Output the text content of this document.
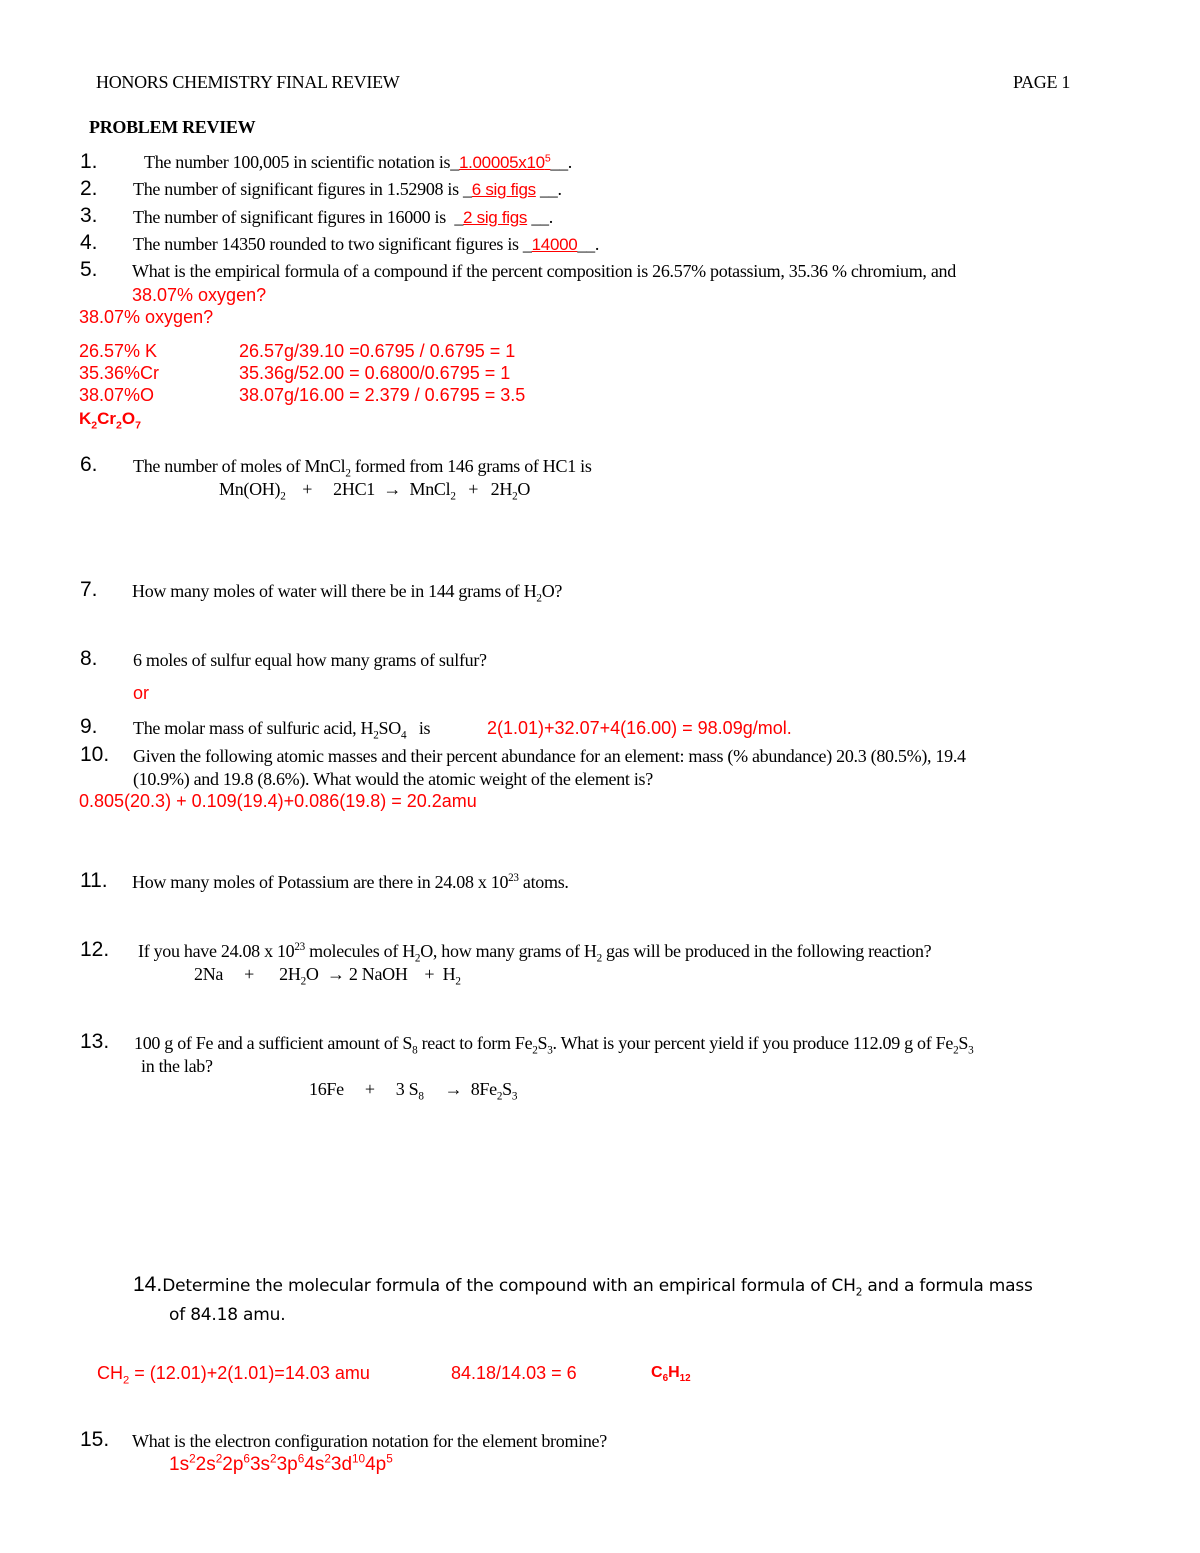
HONORS CHEMISTRY FINAL REVIEW	PAGE 1
PROBLEM REVIEW
1.	The number 100,005 in scientific notation $is\_1.00005x10^5\_\_$.
2. The number of significant figures in 1.52908 is _6 sig figs __.
3. The number of significant figures in 16000 is  _2 sig figs __.
4. The number 14350 rounded to two significant figures is _14000__.
5. What is the empirical formula of a compound if the percent composition is 26.57% potassium, 35.36 % chromium, and
38.07% oxygen?
38.07% oxygen?
26.57% K	26.57g/39.10 =0.6795 / 0.6795 = 1
35.36%Cr	35.36g/52.00 = 0.6800/0.6795 = 1
38.07%O	38.07g/16.00 = 2.379 / 0.6795 = 3.5
$K_2Cr_2O_7$
6. The number of moles of MnCl$_2$ formed from 146 grams of HC1 is
$Mn(OH)_2 + 2HC1$ → MnCl$_2$ + $2H_2O$
7. How many moles of water will there be in 144 grams of $H_2O$?
8. 6 moles of sulfur equal how many grams of sulfur?
or
9. The molar mass of sulfuric acid, $H_2SO_4$   is	2(1.01)+32.07+4(16.00) = 98.09g/mol.
10. Given the following atomic masses and their percent abundance for an element: mass (% abundance) 20.3 (80.5%), 19.4
(10.9%) and 19.8 (8.6%). What would the atomic weight of the element is?
0.805(20.3) + 0.109(19.4)+0.086(19.8) = 20.2amu
11. How many moles of Potassium are there in 24.08 x $10^{23}$ atoms.
12. If you have 24.08 x $10^{23}$ molecules of $H_2O$, how many grams of $H_2$ gas will be produced in the following reaction?
$2Na + 2H_2O \to 2$ NaOH + $H_2$
13. 100 g of Fe and a sufficient amount of $S_8$ react to form $Fe_2S_3$. What is your percent yield if you produce 112.09 g of $Fe_2S_3$
in the lab?
16Fe + 3 $S_8 \to 8Fe_2S_3$
14.Determine the molecular formula of the compound with an empirical formula of $CH_2$ and a formula mass
of 84.18 amu.
$CH_2 = (12.01)+2(1.01)=14.03$ amu	84.18/14.03 = 6	$C_6H_{12}$
15. What is the electron configuration notation for the element bromine?
$1s^22s^22p^63s^23p^64s^23d^{10}4p^5$
